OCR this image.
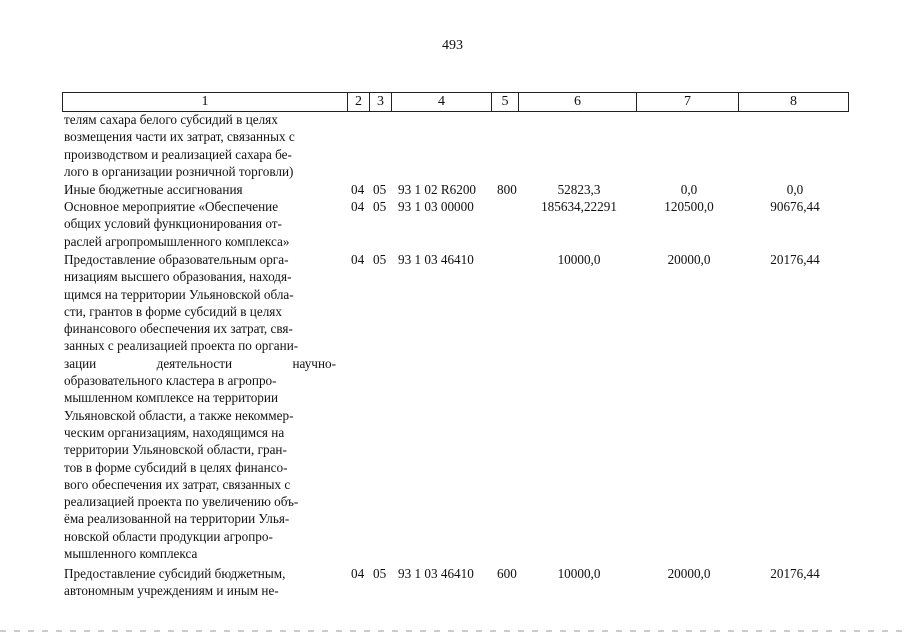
493
1	2	3	4	5	6	7	8
телям сахара белого субсидий в целях
возмещения части их затрат, связанных с
производством и реализацией сахара бе-
лого в организации розничной торговли)
Иные бюджетные ассигнования	04 05 93 1 02 R6200 800	52823,3	0,0	0,0
Основное мероприятие «Обеспечение
общих условий функционирования от-
раслей агропромышленного комплекса»
04 05 93 1 03 00000	185634,22291	120500,0	90676,44
Предоставление образовательным орга-
низациям высшего образования, находя-
щимся на территории Ульяновской обла-
сти, грантов в форме субсидий в целях
финансового обеспечения их затрат, свя-
занных с реализацией проекта по органи-
зации деятельности научно-
образовательного кластера в агропро-
мышленном комплексе на территории
Ульяновской области, а также некоммер-
ческим организациям, находящимся на
территории Ульяновской области, гран-
тов в форме субсидий в целях финансо-
вого обеспечения их затрат, связанных с
реализацией проекта по увеличению объ-
ёма реализованной на территории Улья-
новской области продукции агропро-
мышленного комплекса
04 05 93 1 03 46410	10000,0	20000,0	20176,44
Предоставление субсидий бюджетным,
автономным учреждениям и иным не-
04 05 93 1 03 46410 600	10000,0	20000,0	20176,44
